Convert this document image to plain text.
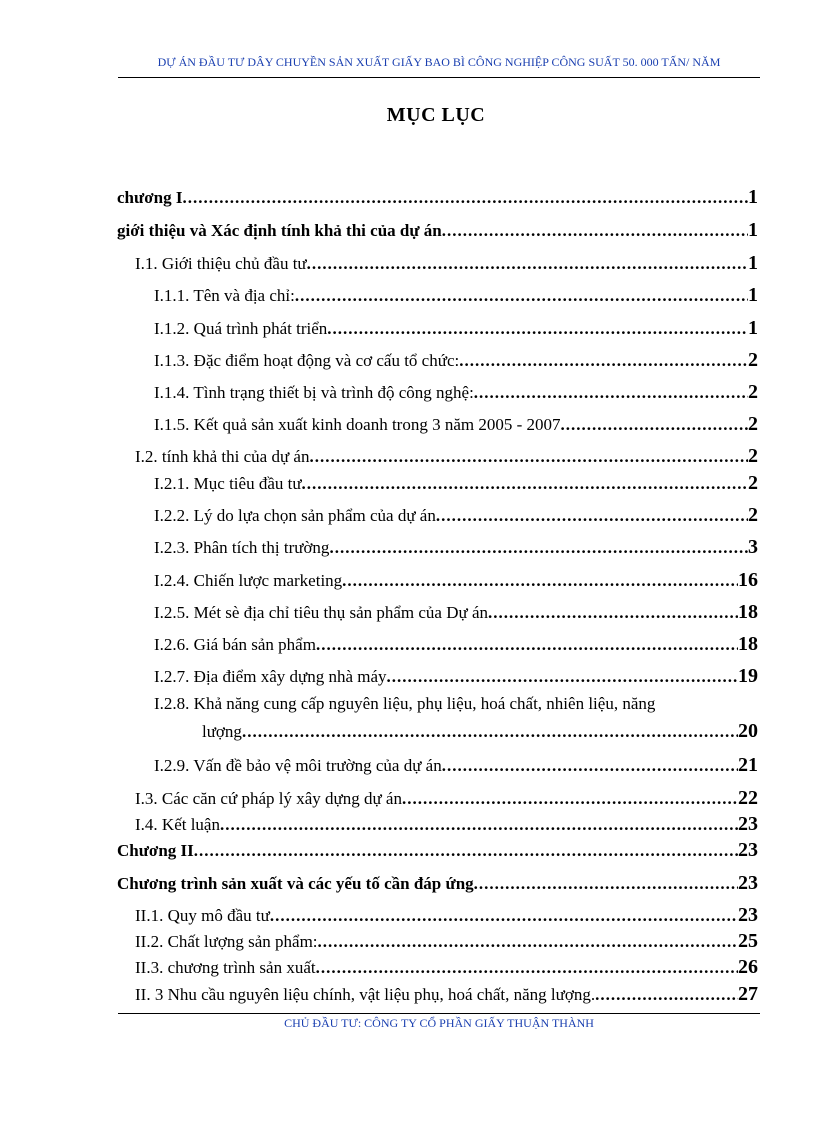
DỰ ÁN ĐẦU TƯ DÂY CHUYỀN SẢN XUẤT GIẤY BAO BÌ CÔNG NGHIỆP CÔNG SUẤT 50. 000 TẤN/ NĂM
MỤC LỤC
chương I .....	1
giới thiệu và Xác định tính khả thi của dự án .....	1
I.1. Giới thiệu chủ đầu tư .....	1
I.1.1. Tên và địa chỉ: .....	1
I.1.2. Quá trình phát triển .....	1
I.1.3. Đặc điểm hoạt động và cơ cấu tổ chức: .....	2
I.1.4. Tình trạng thiết bị và trình độ công nghệ: .....	2
I.1.5. Kết quả sản xuất kinh doanh trong 3 năm 2005 - 2007 .....	2
I.2. tính khả thi của dự án .....	2
I.2.1. Mục tiêu đầu tư .....	2
I.2.2. Lý do lựa chọn sản phẩm của dự án .....	2
I.2.3. Phân tích thị trường .....	3
I.2.4. Chiến lược marketing .....	16
I.2.5. Mét sè địa chỉ tiêu thụ sản phẩm của Dự án .....	18
I.2.6. Giá bán sản phẩm .....	18
I.2.7. Địa điểm xây dựng nhà máy .....	19
I.2.8. Khả năng cung cấp nguyên liệu, phụ liệu, hoá chất, nhiên liệu, năng
lượng .....	20
I.2.9. Vấn đề bảo vệ môi trường của dự án .....	21
I.3. Các căn cứ pháp lý xây dựng dự án .....	22
I.4. Kết luận .....	23
Chương II .....	23
Chương trình sản xuất và các yếu tố cần đáp ứng .....	23
II.1. Quy mô đầu tư .....	23
II.2. Chất lượng sản phẩm: .....	25
II.3. chương trình sản xuất .....	26
II. 3 Nhu cầu nguyên liệu chính, vật liệu phụ, hoá chất, năng lượng. .....	27
CHỦ ĐẦU TƯ: CÔNG TY CỔ PHẦN GIẤY THUẬN THÀNH
